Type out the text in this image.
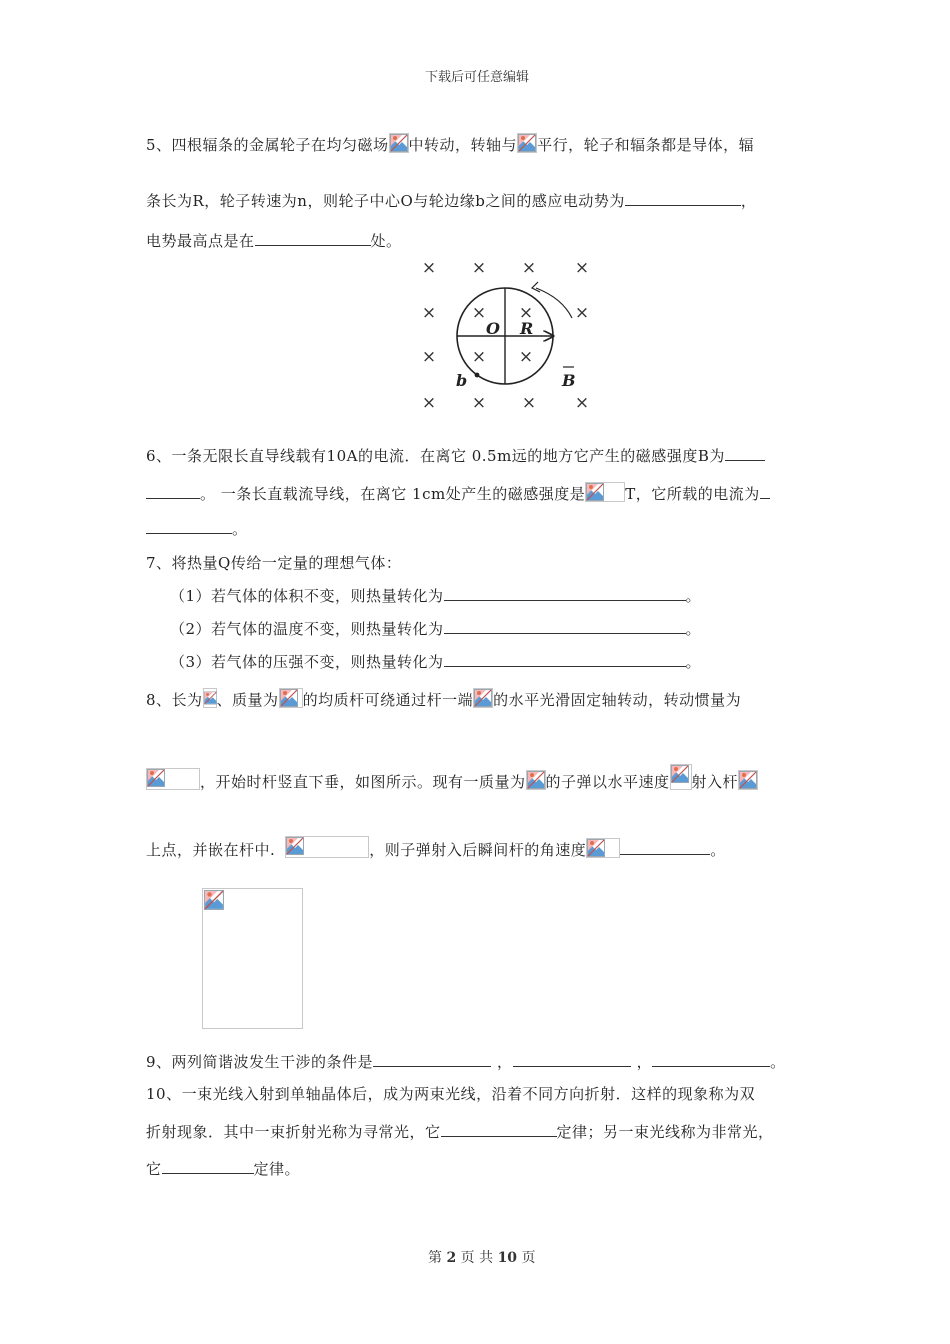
下载后可任意编辑
5、四根辐条的金属轮子在均匀磁场 中转动，转轴与 平行，轮子和辐条都是导体，辐
条长为R，轮子转速为n，则轮子中心O与轮边缘b之间的感应电动势为	，
电势最高点是在	处。
× × × ×
× × × ×
× × ×
× × × ×
O R
b	B
6、一条无限长直导线载有10A的电流．在离它 0.5m远的地方它产生的磁感强度B为
。 一条长直载流导线，在离它 1cm处产生的磁感强度是	T，它所载的电流为
。
7、将热量Q传给一定量的理想气体：
（1）若气体的体积不变，则热量转化为	。
（2）若气体的温度不变，则热量转化为	。
（3）若气体的压强不变，则热量转化为	。
8、长为 、质量为 的均质杆可绕通过杆一端 的水平光滑固定轴转动，转动惯量为
，开始时杆竖直下垂，如图所示。现有一质量为 的子弹以水平速度 射入杆
上点，并嵌在杆中.	，则子弹射入后瞬间杆的角速度	。
9、两列简谐波发生干涉的条件是	，	，	。
10、一束光线入射到单轴晶体后，成为两束光线，沿着不同方向折射．这样的现象称为双
折射现象．其中一束折射光称为寻常光，它	定律；另一束光线称为非常光，
它	定律。
第 2 页 共 10 页
